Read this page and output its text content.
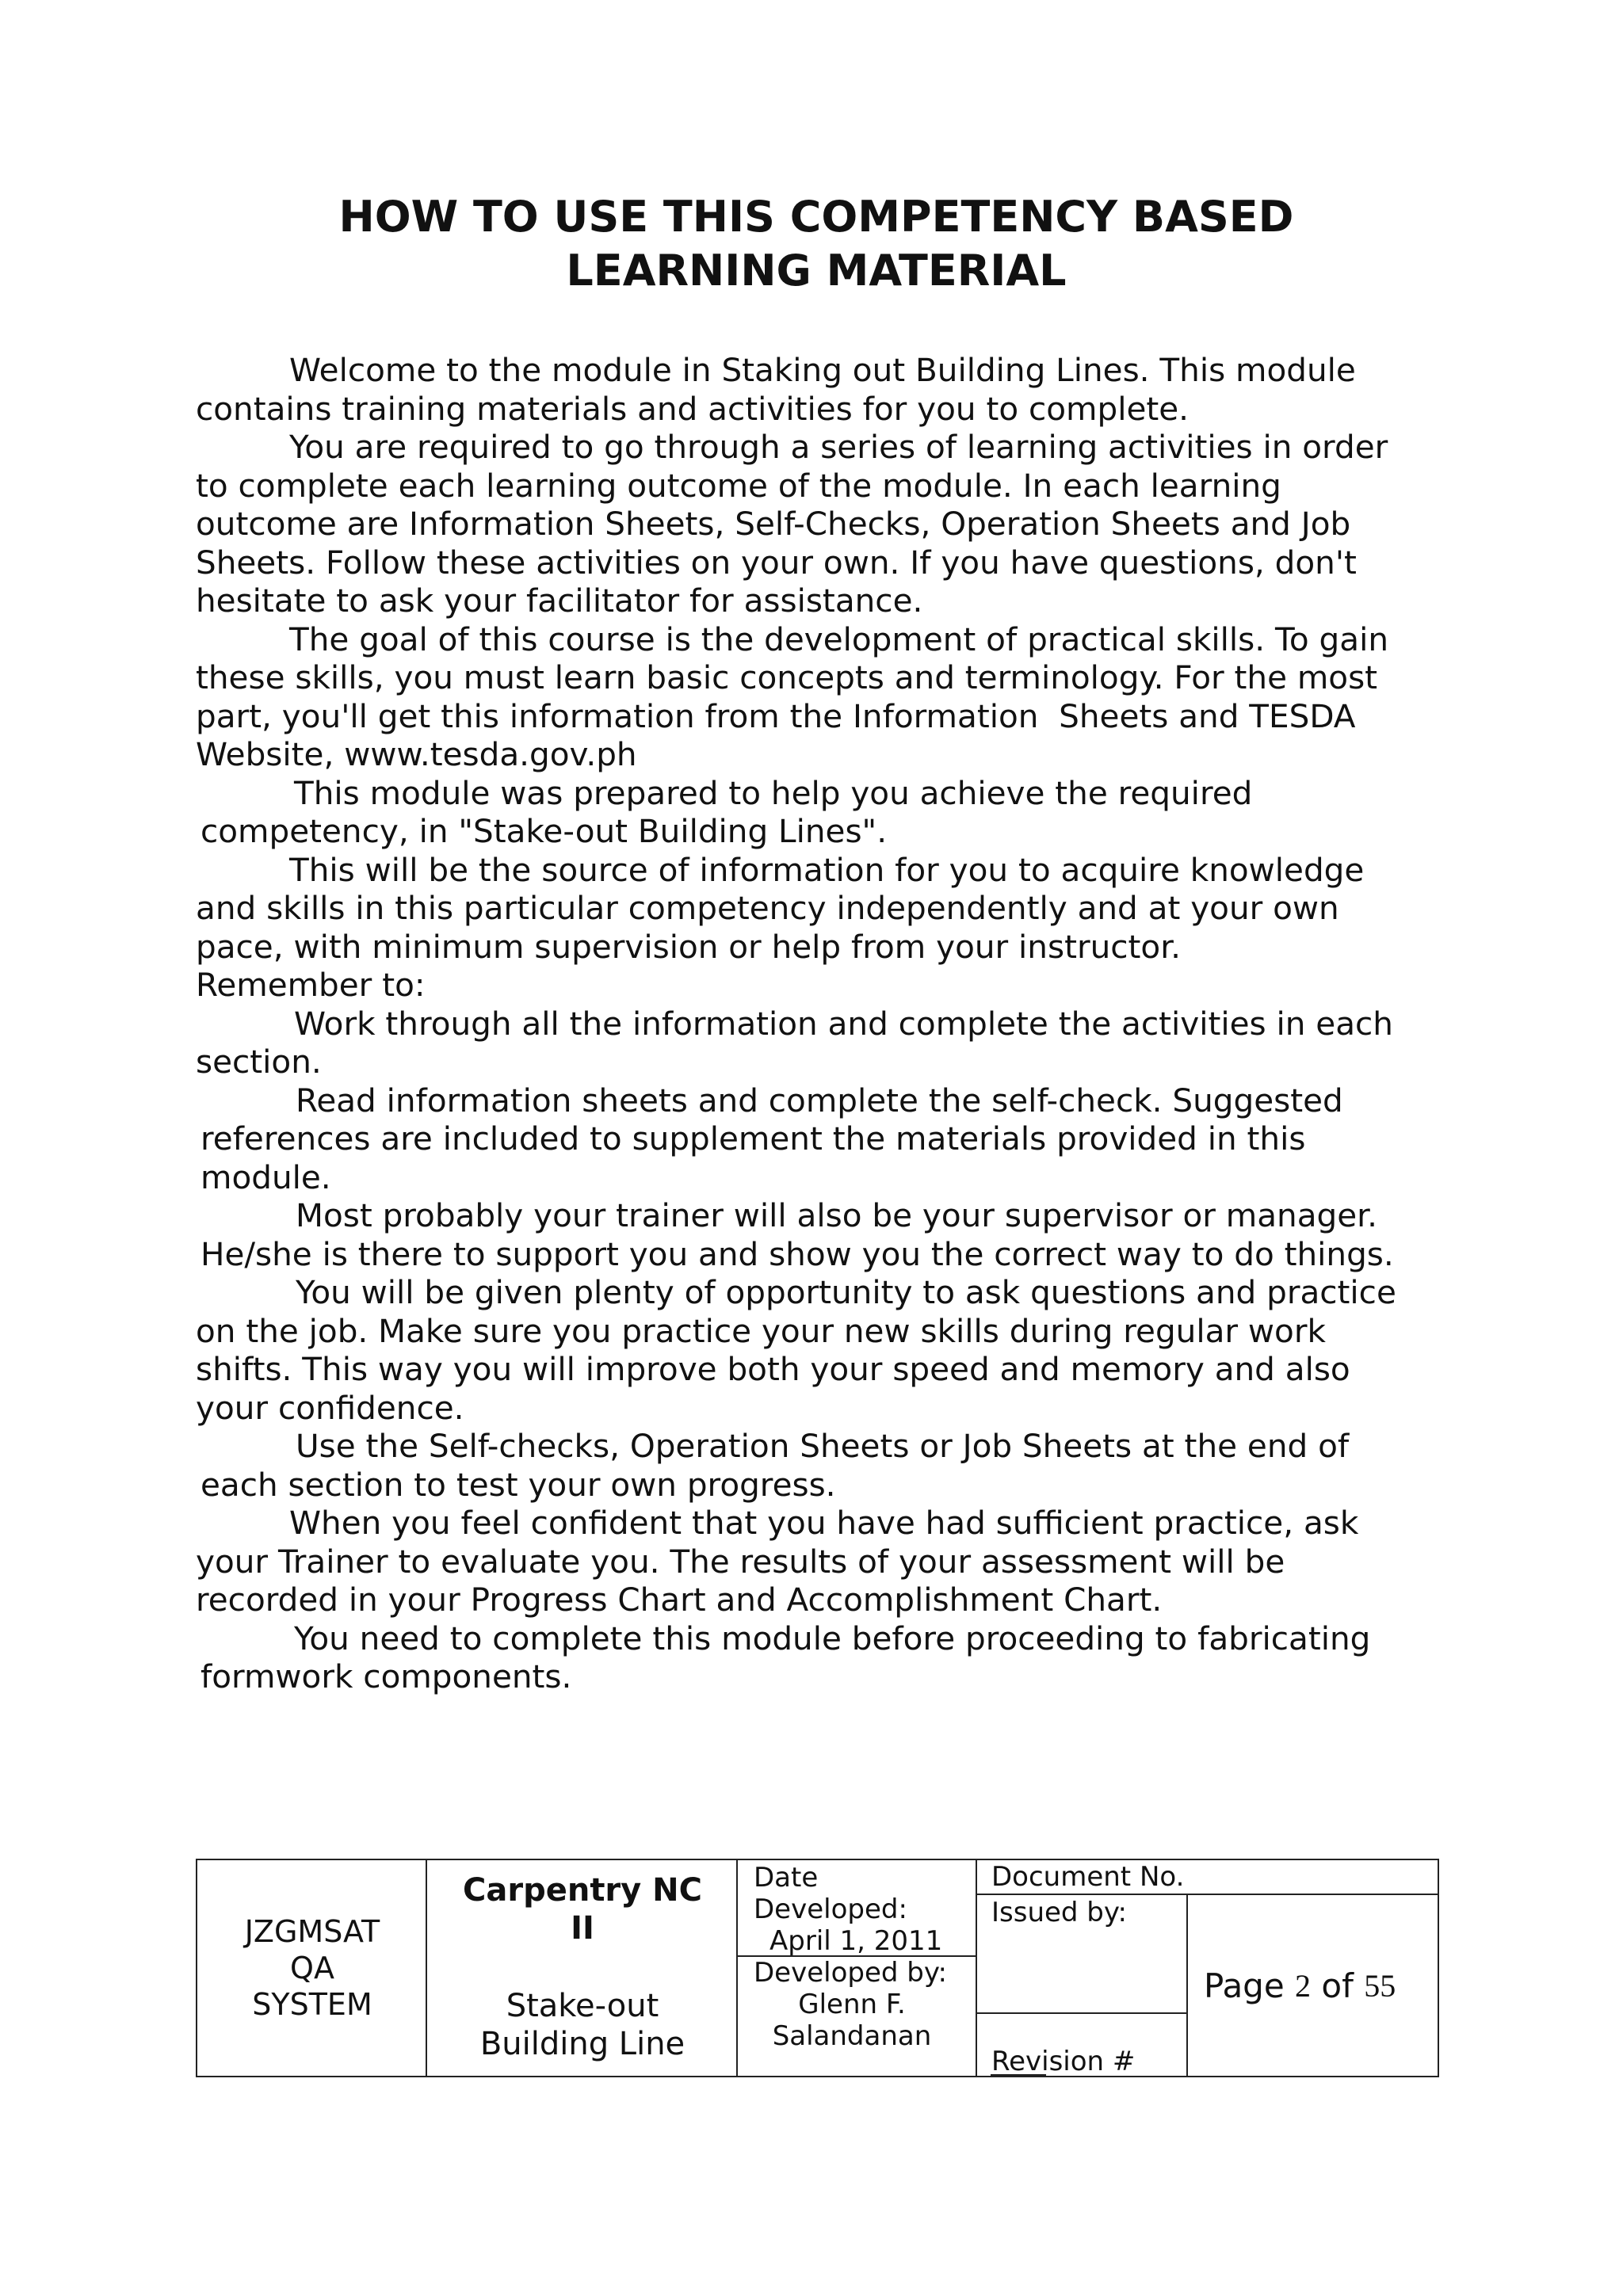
HOW TO USE THIS COMPETENCY BASED
LEARNING MATERIAL
Welcome to the module in Staking out Building Lines. This module
contains training materials and activities for you to complete.
You are required to go through a series of learning activities in order
to complete each learning outcome of the module. In each learning
outcome are Information Sheets, Self-Checks, Operation Sheets and Job
Sheets. Follow these activities on your own. If you have questions, don't
hesitate to ask your facilitator for assistance.
The goal of this course is the development of practical skills. To gain
these skills, you must learn basic concepts and terminology. For the most
part, you'll get this information from the Information  Sheets and TESDA
Website, www.tesda.gov.ph
This module was prepared to help you achieve the required
competency, in "Stake-out Building Lines".
This will be the source of information for you to acquire knowledge
and skills in this particular competency independently and at your own
pace, with minimum supervision or help from your instructor.
Remember to:
Work through all the information and complete the activities in each
section.
Read information sheets and complete the self-check. Suggested
references are included to supplement the materials provided in this
module.
Most probably your trainer will also be your supervisor or manager.
He/she is there to support you and show you the correct way to do things.
You will be given plenty of opportunity to ask questions and practice
on the job. Make sure you practice your new skills during regular work
shifts. This way you will improve both your speed and memory and also
your confidence.
Use the Self-checks, Operation Sheets or Job Sheets at the end of
each section to test your own progress.
When you feel confident that you have had sufficient practice, ask
your Trainer to evaluate you. The results of your assessment will be
recorded in your Progress Chart and Accomplishment Chart.
You need to complete this module before proceeding to fabricating
formwork components.
JZGMSAT
QA
SYSTEM
Carpentry NC
II
Stake-out
Building Line
Date
Developed:
April 1, 2011
Developed by:
Glenn F.
Salandanan
Document No.
Issued by:
Revision #
Page
2
of
55
